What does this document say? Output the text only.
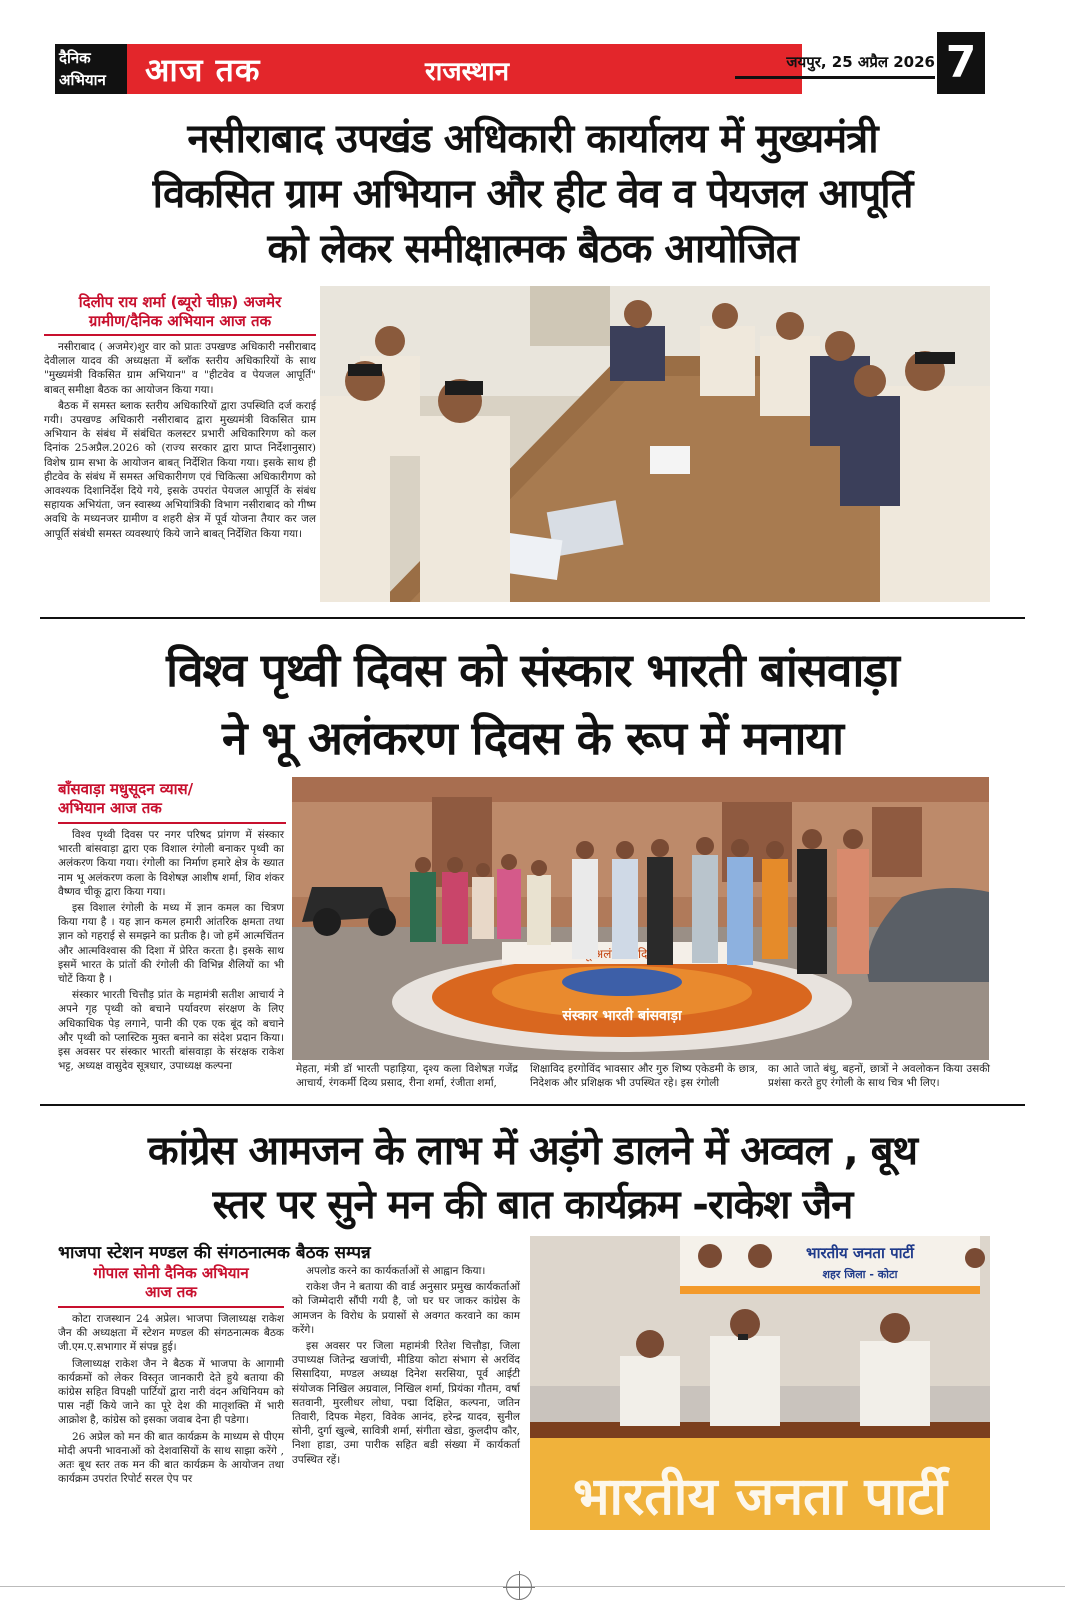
दैनिक
अभियान	आज तक	राजस्थान	जयपुर, 25 अप्रैल 2026 7
नसीराबाद उपखंड अधिकारी कार्यालय में मुख्यमंत्री
विकसित ग्राम अभियान और हीट वेव व पेयजल आपूर्ति
को लेकर समीक्षात्मक बैठक आयोजित
दिलीप राय शर्मा (ब्यूरो चीफ़) अजमेर
ग्रामीण/दैनिक अभियान आज तक

नसीराबाद ( अजमेर)शुर वार को प्रातः उपखण्ड अधिकारी नसीराबाद देवीलाल यादव की अध्यक्षता में ब्लॉक स्तरीय अधिकारियों के साथ "मुख्यमंत्री विकसित ग्राम अभियान" व "हीटवेव व पेयजल आपूर्ति" बाबत् समीक्षा बैठक का आयोजन किया गया।

बैठक में समस्त ब्लाक स्तरीय अधिकारियों द्वारा उपस्थिति दर्ज कराई गयी। उपखण्ड अधिकारी नसीराबाद द्वारा मुख्यमंत्री विकसित ग्राम अभियान के संबंध में संबंधित कलस्टर प्रभारी अधिकारिगण को कल दिनांक 25अप्रैल.2026 को (राज्य सरकार द्वारा प्राप्त निर्देशानुसार) विशेष ग्राम सभा के आयोजन बाबत् निर्देशित किया गया। इसके साथ ही हीटवेव के संबंध में समस्त अधिकारीगण एवं चिकित्सा अधिकारीगण को आवश्यक दिशानिर्देश दिये गये, इसके उपरांत पेयजल आपूर्ति के संबंध सहायक अभियंता, जन स्वास्थ्य अभियांत्रिकी विभाग नसीराबाद को गीष्म अवधि के मध्यनजर ग्रामीण व शहरी क्षेत्र में पूर्व योजना तैयार कर जल आपूर्ति संबंधी समस्त व्यवस्थाएं किये जाने बाबत् निर्देशित किया गया।

विश्व पृथ्वी दिवस को संस्कार भारती बांसवाड़ा
ने भू अलंकरण दिवस के रूप में मनाया
बाँसवाड़ा मधुसूदन व्यास/
अभियान आज तक

विश्व पृथ्वी दिवस पर नगर परिषद प्रांगण में संस्कार भारती बांसवाड़ा द्वारा एक विशाल रंगोली बनाकर पृथ्वी का अलंकरण किया गया। रंगोली का निर्माण हमारे क्षेत्र के ख्यात नाम भू अलंकरण कला के विशेषज्ञ आशीष शर्मा, शिव शंकर वैष्णव चीकू द्वारा किया गया।

इस विशाल रंगोली के मध्य में ज्ञान कमल का चित्रण किया गया है । यह ज्ञान कमल हमारी आंतरिक क्षमता तथा ज्ञान को गहराई से समझने का प्रतीक है। जो हमें आत्मचिंतन और आत्मविश्वास की दिशा में प्रेरित करता है। इसके साथ इसमें भारत के प्रांतों की रंगोली की विभिन्न शैलियों का भी चोटें किया है ।

संस्कार भारती चित्तौड़ प्रांत के महामंत्री सतीश आचार्य ने अपने गृह पृथ्वी को बचाने पर्यावरण संरक्षण के लिए अधिकाधिक पेड़ लगाने, पानी की एक एक बूंद को बचाने और पृथ्वी को प्लास्टिक मुक्त बनाने का संदेश प्रदान किया। इस अवसर पर संस्कार भारती बांसवाड़ा के संरक्षक राकेश भट्ट, अध्यक्ष वासुदेव सूत्रधार, उपाध्यक्ष कल्पना

संस्कार भारती बांसवाड़ा
मेहता, मंत्री डॉ भारती पहाड़िया, दृश्य कला विशेषज्ञ गजेंद्र आचार्य, रंगकर्मी दिव्य प्रसाद, रीना शर्मा, रंजीता शर्मा,
शिक्षाविद हरगोविंद भावसार और गुरु शिष्य एकेडमी के छात्र, निदेशक और प्रशिक्षक भी उपस्थित रहे। इस रंगोली
का आते जाते बंधु, बहनों, छात्रों ने अवलोकन किया उसकी प्रशंसा करते हुए रंगोली के साथ चित्र भी लिए।
कांग्रेस आमजन के लाभ में अड़ंगे डालने में अव्वल , बूथ
स्तर पर सुने मन की बात कार्यक्रम -राकेश जैन
भाजपा स्टेशन मण्डल की संगठनात्मक बैठक सम्पन्न
गोपाल सोनी दैनिक अभियान
आज तक

कोटा राजस्थान 24 अप्रेल। भाजपा जिलाध्यक्ष राकेश जैन की अध्यक्षता में स्टेशन मण्डल की संगठनात्मक बैठक जी.एम.ए.सभागार में संपन्न हुई।

जिलाध्यक्ष राकेश जैन ने बैठक में भाजपा के आगामी कार्यक्रमों को लेकर विस्तृत जानकारी देते हुये बताया की कांग्रेस सहित विपक्षी पार्टियों द्वारा नारी वंदन अधिनियम को पास नहीं किये जाने का पूरे देश की मातृशक्ति में भारी आक्रोश है, कांग्रेस को इसका जवाब देना ही पडेगा।

26 अप्रेल को मन की बात कार्यक्रम के माध्यम से पीएम मोदी अपनी भावनाओं को देशवासियों के साथ साझा करेंगे , अतः बूथ स्तर तक मन की बात कार्यक्रम के आयोजन तथा कार्यक्रम उपरांत रिपोर्ट सरल ऐप पर

अपलोड करने का कार्यकर्ताओं से आह्वान किया।

राकेश जैन ने बताया की वार्ड अनुसार प्रमुख कार्यकर्ताओं को जिम्मेदारी सौंपी गयी है, जो घर घर जाकर कांग्रेस के आमजन के विरोध के प्रयासों से अवगत करवाने का काम करेंगे।

इस अवसर पर जिला महामंत्री रितेश चित्तौड़ा, जिला उपाध्यक्ष जितेन्द्र खजांची, मीडिया कोटा संभाग से अरविंद सिसादिया, मण्डल अध्यक्ष दिनेश सरसिया, पूर्व आईटी संयोजक निखिल अग्रवाल, निखिल शर्मा, प्रियंका गौतम, वर्षा सतवानी, मुरलीधर लोधा, पद्मा दिक्षित, कल्पना, जतिन तिवारी, दिपक मेहरा, विवेक आनंद, हरेन्द्र यादव, सुनील सोनी, दुर्गा खुल्बे, सावित्री शर्मा, संगीता खेडा, कुलदीप कौर, निशा हाडा, उमा पारीक सहित बडी संख्या में कार्यकर्ता उपस्थित रहें।

भारतीय जनता पार्टी
शहर जिला - कोटा
भारतीय जनता पार्टी
